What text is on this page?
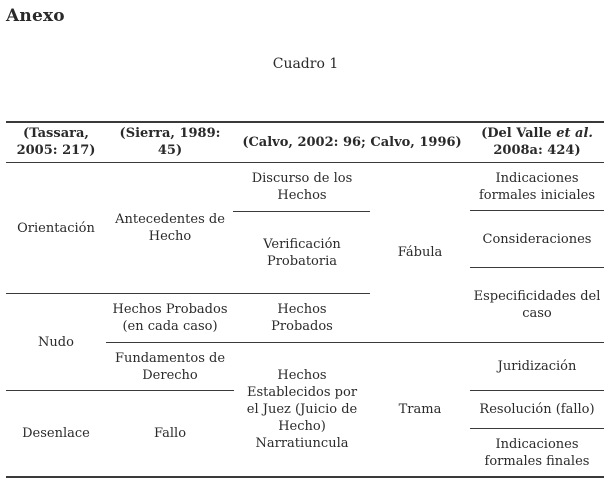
Anexo
Cuadro 1
(Tassara,
2005: 217)
(Sierra, 1989:
45)
(Calvo, 2002: 96; Calvo, 1996)
(Del Valle et al.
2008a: 424)
Orientación
Nudo
Desenlace
Antecedentes de
Hecho
Hechos Probados
(en cada caso)
Fundamentos de
Derecho
Fallo
Discurso de los
Hechos
Verificación
Probatoria
Hechos
Probados
Hechos
Establecidos por
el Juez (Juicio de
Hecho)
Narratiuncula
Fábula
Trama
Indicaciones
formales iniciales
Consideraciones
Especificidades del
caso
Juridización
Resolución (fallo)
Indicaciones
formales finales
